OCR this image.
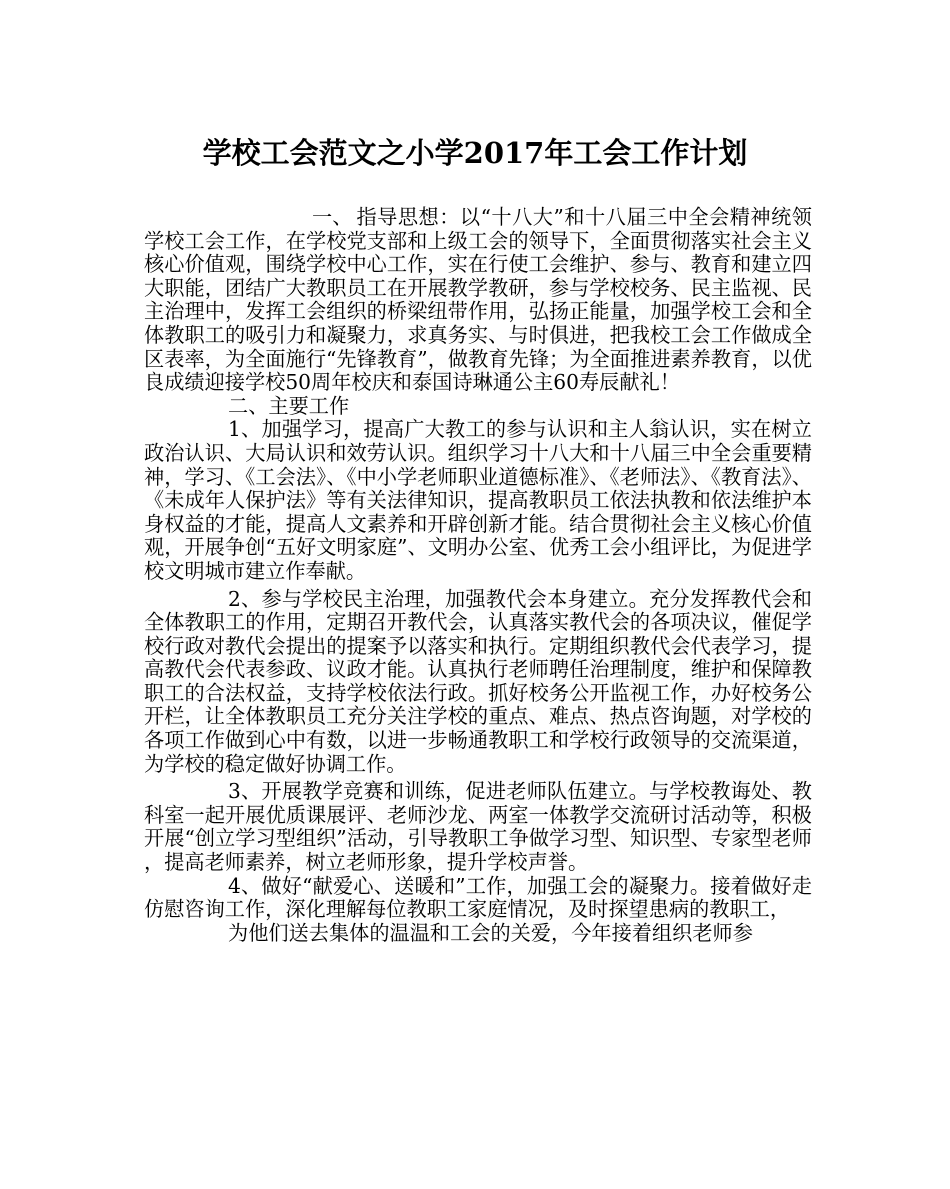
学校工会范文之小学2017年工会工作计划

一、 指导思想：以“十八大”和十八届三中全会精神统领学校工会工作，在学校党支部和上级工会的领导下，全面贯彻落实社会主义核心价值观，围绕学校中心工作，实在行使工会维护、参与、教育和建立四大职能，团结广大教职员工在开展教学教研，参与学校校务、民主监视、民主治理中，发挥工会组织的桥梁纽带作用，弘扬正能量，加强学校工会和全体教职工的吸引力和凝聚力，求真务实、与时俱进，把我校工会工作做成全区表率，为全面施行“先锋教育”，做教育先锋；为全面推进素养教育，以优良成绩迎接学校50周年校庆和泰国诗琳通公主60寿辰献礼！

二、主要工作

1、加强学习，提高广大教工的参与认识和主人翁认识，实在树立政治认识、大局认识和效劳认识。组织学习十八大和十八届三中全会重要精神，学习、《工会法》、《中小学老师职业道德标准》、《老师法》、《教育法》、《未成年人保护法》等有关法律知识，提高教职员工依法执教和依法维护本身权益的才能，提高人文素养和开辟创新才能。结合贯彻社会主义核心价值观，开展争创“五好文明家庭”、文明办公室、优秀工会小组评比，为促进学校文明城市建立作奉献。

2、参与学校民主治理，加强教代会本身建立。充分发挥教代会和全体教职工的作用，定期召开教代会，认真落实教代会的各项决议，催促学校行政对教代会提出的提案予以落实和执行。定期组织教代会代表学习，提高教代会代表参政、议政才能。认真执行老师聘任治理制度，维护和保障教职工的合法权益，支持学校依法行政。抓好校务公开监视工作，办好校务公开栏，让全体教职员工充分关注学校的重点、难点、热点咨询题，对学校的各项工作做到心中有数，以进一步畅通教职工和学校行政领导的交流渠道，为学校的稳定做好协调工作。

3、开展教学竞赛和训练，促进老师队伍建立。与学校教诲处、教科室一起开展优质课展评、老师沙龙、两室一体教学交流研讨活动等，积极开展“创立学习型组织”活动，引导教职工争做学习型、知识型、专家型老师，提高老师素养，树立老师形象，提升学校声誉。

4、做好“献爱心、送暖和”工作，加强工会的凝聚力。接着做好走仿慰咨询工作，深化理解每位教职工家庭情况，及时探望患病的教职工，

为他们送去集体的温温和工会的关爱，今年接着组织老师参
